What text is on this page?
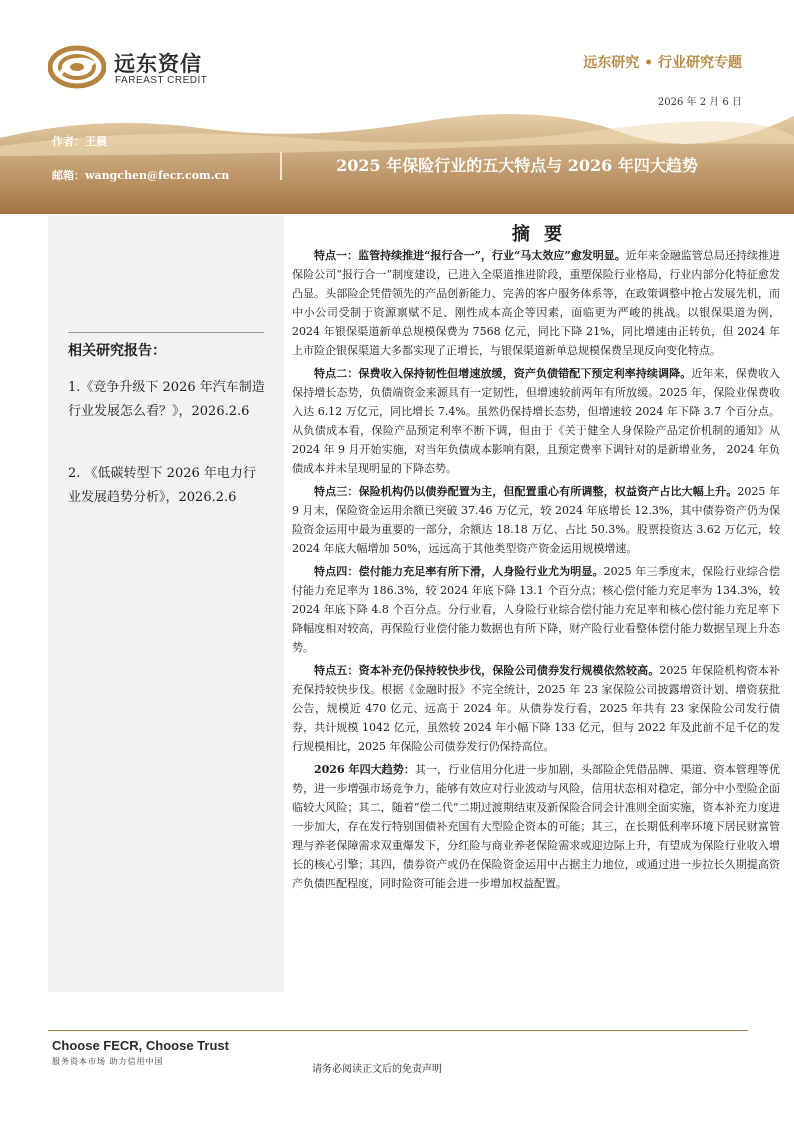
远东资信
FAREAST CREDIT
远东研究 • 行业研究专题
2026 年 2 月 6 日
作者：王晨
邮箱：wangchen@fecr.com.cn
2025 年保险行业的五大特点与 2026 年四大趋势
相关研究报告：
1.《竞争升级下 2026 年汽车制造行业发展怎么看？》，2026.2.6
2. 《低碳转型下 2026 年电力行业发展趋势分析》，2026.2.6
摘 要

特点一：监管持续推进“报行合一”，行业“马太效应”愈发明显。近年来金融监管总局还持续推进保险公司“报行合一”制度建设，已进入全渠道推进阶段，重塑保险行业格局，行业内部分化特征愈发凸显。头部险企凭借领先的产品创新能力、完善的客户服务体系等，在政策调整中抢占发展先机，而中小公司受制于资源禀赋不足、刚性成本高企等因素，面临更为严峻的挑战。以银保渠道为例，2024 年银保渠道新单总规模保费为 7568 亿元，同比下降 21%，同比增速由正转负，但 2024 年上市险企银保渠道大多都实现了正增长，与银保渠道新单总规模保费呈现反向变化特点。

特点二：保费收入保持韧性但增速放缓，资产负债错配下预定利率持续调降。近年来，保费收入保持增长态势，负债端资金来源具有一定韧性，但增速较前两年有所放缓。2025 年，保险业保费收入达 6.12 万亿元，同比增长 7.4%。虽然仍保持增长态势，但增速较 2024 年下降 3.7 个百分点。从负债成本看，保险产品预定利率不断下调，但由于《关于健全人身保险产品定价机制的通知》从 2024 年 9 月开始实施，对当年负债成本影响有限，且预定费率下调针对的是新增业务， 2024 年负债成本并未呈现明显的下降态势。

特点三：保险机构仍以债券配置为主，但配置重心有所调整，权益资产占比大幅上升。2025 年 9 月末，保险资金运用余额已突破 37.46 万亿元，较 2024 年底增长 12.3%，其中债券资产仍为保险资金运用中最为重要的一部分，余额达 18.18 万亿、占比 50.3%。股票投资达 3.62 万亿元，较 2024 年底大幅增加 50%，远远高于其他类型资产资金运用规模增速。

特点四：偿付能力充足率有所下滑，人身险行业尤为明显。2025 年三季度末，保险行业综合偿付能力充足率为 186.3%，较 2024 年底下降 13.1 个百分点；核心偿付能力充足率为 134.3%，较 2024 年底下降 4.8 个百分点。分行业看，人身险行业综合偿付能力充足率和核心偿付能力充足率下降幅度相对较高，再保险行业偿付能力数据也有所下降，财产险行业看整体偿付能力数据呈现上升态势。

特点五：资本补充仍保持较快步伐，保险公司债券发行规模依然较高。2025 年保险机构资本补充保持较快步伐。根据《金融时报》不完全统计，2025 年 23 家保险公司披露增资计划、增资获批公告，规模近 470 亿元、远高于 2024 年。从债券发行看，2025 年共有 23 家保险公司发行债券，共计规模 1042 亿元，虽然较 2024 年小幅下降 133 亿元，但与 2022 年及此前不足千亿的发行规模相比，2025 年保险公司债券发行仍保持高位。

2026 年四大趋势：其一，行业信用分化进一步加剧，头部险企凭借品牌、渠道、资本管理等优势，进一步增强市场竞争力，能够有效应对行业波动与风险，信用状态相对稳定，部分中小型险企面临较大风险；其二，随着“偿二代”二期过渡期结束及新保险合同会计准则全面实施，资本补充力度进一步加大，存在发行特别国债补充国有大型险企资本的可能；其三，在长期低利率环境下居民财富管理与养老保障需求双重爆发下，分红险与商业养老保险需求或迎边际上升，有望成为保险行业收入增长的核心引擎；其四，债券资产或仍在保险资金运用中占据主力地位，或通过进一步拉长久期提高资产负债匹配程度，同时险资可能会进一步增加权益配置。

Choose FECR, Choose Trust
服务资本市场 助力信用中国
请务必阅读正文后的免责声明
